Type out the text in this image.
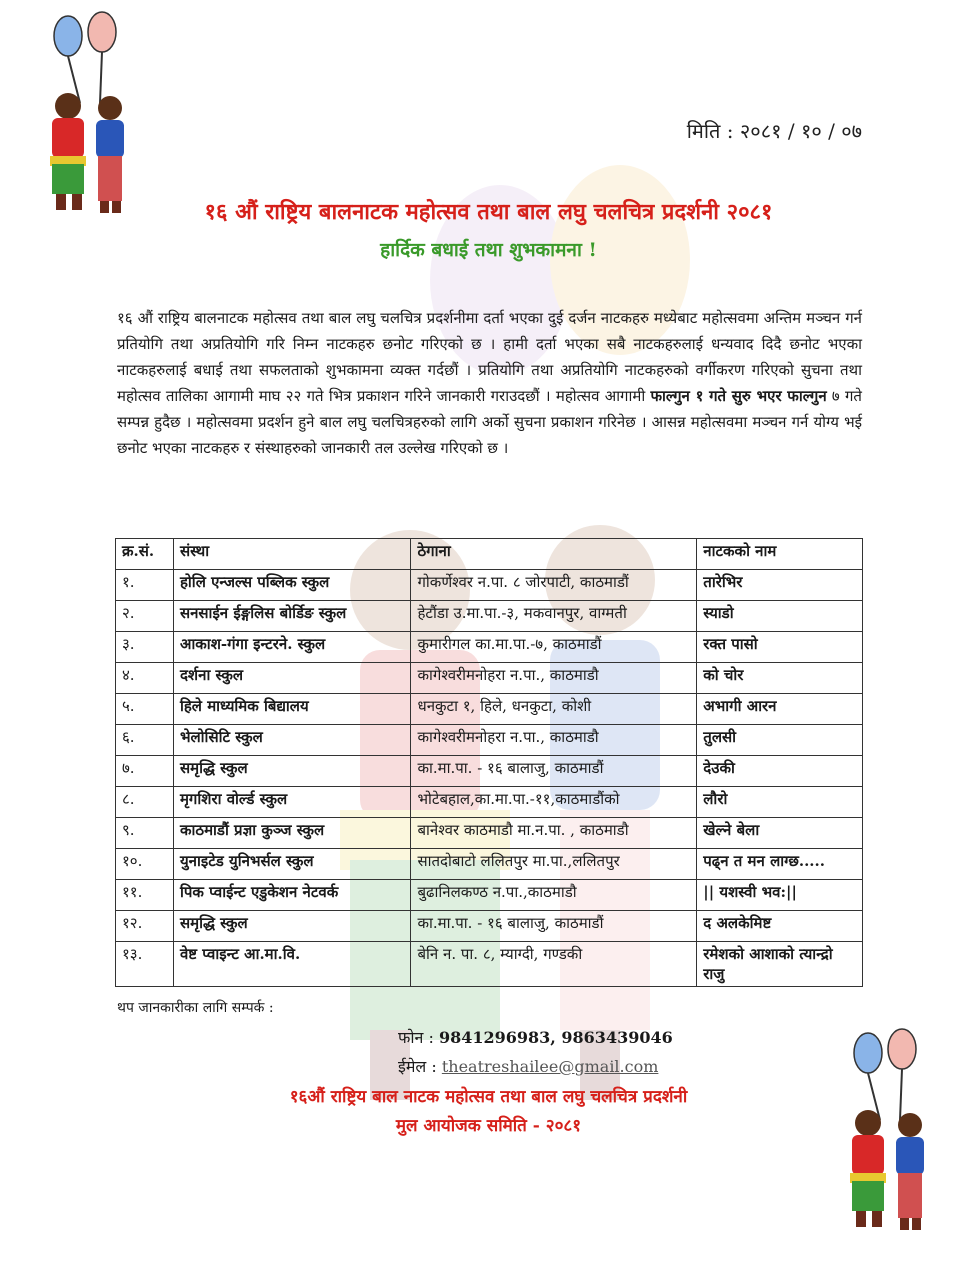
मिति : २०८१ / १० / ०७
१६ औं राष्ट्रिय बालनाटक महोत्सव तथा बाल लघु चलचित्र प्रदर्शनी २०८१
हार्दिक बधाई तथा शुभकामना !
१६ औं राष्ट्रिय बालनाटक महोत्सव तथा बाल लघु चलचित्र प्रदर्शनीमा दर्ता भएका दुई दर्जन नाटकहरु मध्येबाट महोत्सवमा अन्तिम मञ्चन गर्न प्रतियोगि तथा अप्रतियोगि गरि निम्न नाटकहरु छनोट गरिएको छ । हामी दर्ता भएका सबै नाटकहरुलाई धन्यवाद दिदै छनोट भएका नाटकहरुलाई बधाई तथा सफलताको शुभकामना व्यक्त गर्दछौं । प्रतियोगि तथा अप्रतियोगि नाटकहरुको वर्गीकरण गरिएको सुचना तथा महोत्सव तालिका आगामी माघ २२ गते भित्र प्रकाशन गरिने जानकारी गराउदछौं । महोत्सव आगामी फाल्गुन १ गते सुरु भएर फाल्गुन ७ गते सम्पन्न हुदैछ । महोत्सवमा प्रदर्शन हुने बाल लघु चलचित्रहरुको लागि अर्को सुचना प्रकाशन गरिनेछ । आसन्न महोत्सवमा मञ्चन गर्न योग्य भई छनोट भएका नाटकहरु र संस्थाहरुको जानकारी तल उल्लेख गरिएको छ ।
क्र.सं.	संस्था	ठेगाना	नाटकको नाम
१.	होलि एन्जल्स पब्लिक स्कुल	गोकर्णेश्वर न.पा. ८ जोरपाटी, काठमाडौं	तारेभिर
२.	सनसाईन ईङ्गलिस बोर्डिङ स्कुल	हेटौंडा उ.मा.पा.-३, मकवानपुर, वाग्मती	स्याडो
३.	आकाश-गंगा इन्टरने. स्कुल	कुमारीगल का.मा.पा.-७, काठमाडौं	रक्त पासो
४.	दर्शना स्कुल	कागेश्वरीमनोहरा न.पा., काठमाडौ	को चोर
५.	हिले माध्यमिक बिद्यालय	धनकुटा १, हिले, धनकुटा, कोशी	अभागी आरन
६.	भेलोसिटि स्कुल	कागेश्वरीमनोहरा न.पा., काठमाडौ	तुलसी
७.	समृद्धि स्कुल	का.मा.पा. - १६ बालाजु, काठमाडौं	देउकी
८.	मृगशिरा वोर्ल्ड स्कुल	भोटेबहाल,का.मा.पा.-११,काठमाडौंको	लौरो
९.	काठमाडौं प्रज्ञा कुञ्ज स्कुल	बानेश्वर काठमाडौ मा.न.पा. , काठमाडौ	खेल्ने बेला
१०.	युनाइटेड युनिभर्सल स्कुल	सातदोबाटो ललितपुर मा.पा.,ललितपुर	पढ्न त मन लाग्छ.....
११.	पिक प्वाईन्ट एडुकेशन नेटवर्क	बुढानिलकण्ठ न.पा.,काठमाडौ	|| यशस्वी भव:||
१२.	समृद्धि स्कुल	का.मा.पा. - १६ बालाजु, काठमाडौं	द अलकेमिष्ट
१३.	वेष्ट प्वाइन्ट आ.मा.वि.	बेनि न. पा. ८, म्याग्दी, गण्डकी	रमेशको आशाको त्यान्द्रो राजु
थप जानकारीका लागि सम्पर्क :
फोन : 9841296983, 9863439046
ईमेल : theatreshailee@gmail.com
१६औं राष्ट्रिय बाल नाटक महोत्सव तथा बाल लघु चलचित्र प्रदर्शनी
मुल आयोजक समिति - २०८१
